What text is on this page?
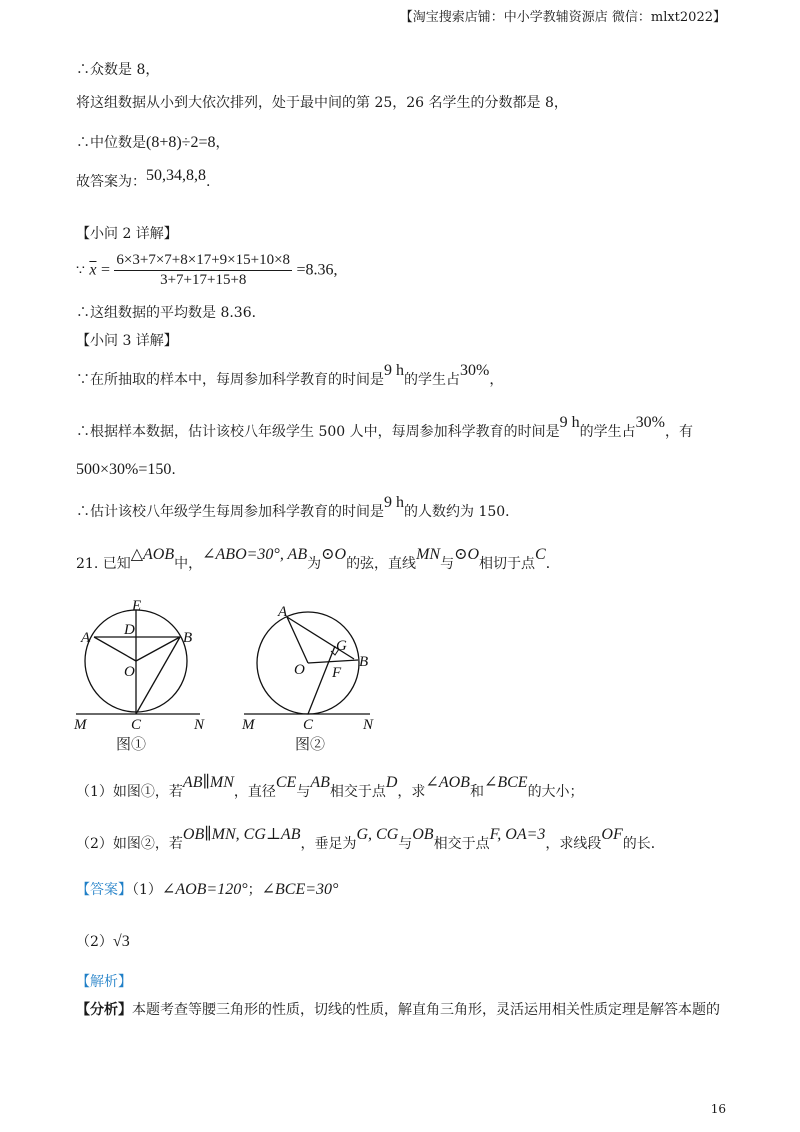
【淘宝搜索店铺：中小学教辅资源店 微信：mlxt2022】
∴众数是 8，
将这组数据从小到大依次排列，处于最中间的第 25，26 名学生的分数都是 8，
∴中位数是(8+8)÷2=8，
故答案为：50,34,8,8.
【小问 2 详解】
∵ $\overline{x} = \frac{6\times 3+7\times 7+8\times 17+9\times 15+10\times 8}{3+7+17+15+8} =8.36$,
∴这组数据的平均数是 8.36．
【小问 3 详解】
∵在所抽取的样本中，每周参加科学教育的时间是9 h的学生占30%，
∴根据样本数据，估计该校八年级学生 500 人中，每周参加科学教育的时间是9 h的学生占30%，有
500×30%=150.
∴估计该校八年级学生每周参加科学教育的时间是9 h的人数约为 150．
21. 已知△AOB中，∠ABO=30°, AB为⊙O的弦，直线MN与⊙O相切于点C．
E
A D	B
O
M	C	N
图①
A
G
O	B
F
M	C	N
图②
（1）如图①，若AB∥MN，直径CE与AB相交于点D，求∠AOB和∠BCE的大小；
（2）如图②，若OB∥MN, CG⊥AB，垂足为G, CG与OB相交于点F, OA=3，求线段OF的长．
【答案】（1）∠AOB=120°；∠BCE=30°
（2）√3
【解析】
【分析】本题考查等腰三角形的性质，切线的性质，解直角三角形，灵活运用相关性质定理是解答本题的
16
